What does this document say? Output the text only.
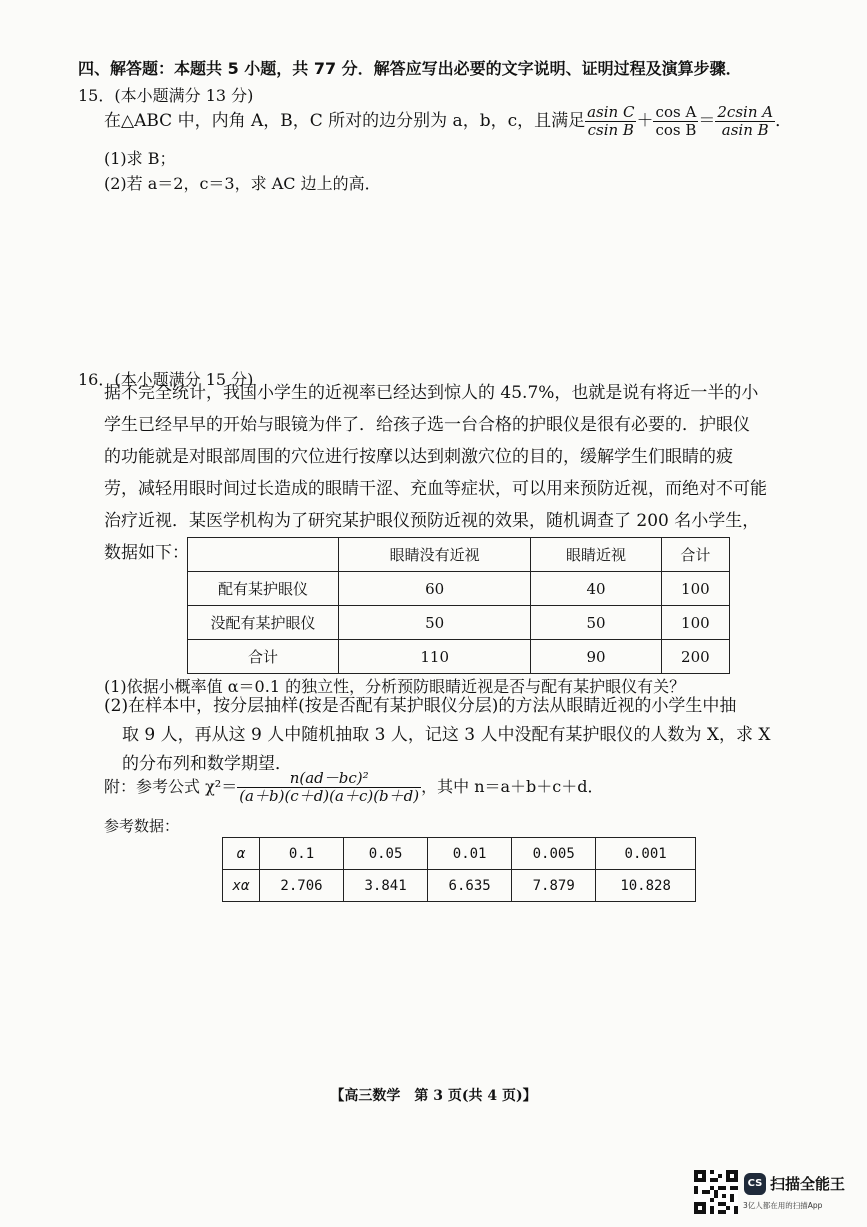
四、解答题：本题共 5 小题，共 77 分．解答应写出必要的文字说明、证明过程及演算步骤．
15．(本小题满分 13 分)
在△ABC 中，内角 A，B，C 所对的边分别为 a，b，c，且满足 $\frac{\text{asin C}}{\text{csin B}} + \frac{\text{cos A}}{\text{cos B}} = \frac{\text{2csin A}}{\text{asin B}}$ ．
(1)求 B；
(2)若 a＝2，c＝3，求 AC 边上的高．
16．(本小题满分 15 分)
据不完全统计，我国小学生的近视率已经达到惊人的 45.7%，也就是说有将近一半的小
学生已经早早的开始与眼镜为伴了．给孩子选一台合格的护眼仪是很有必要的．护眼仪
的功能就是对眼部周围的穴位进行按摩以达到刺激穴位的目的，缓解学生们眼睛的疲
劳，减轻用眼时间过长造成的眼睛干涩、充血等症状，可以用来预防近视，而绝对不可能
治疗近视．某医学机构为了研究某护眼仪预防近视的效果，随机调查了 200 名小学生，
数据如下：
		眼睛没有近视	眼睛近视	合计
配有某护眼仪	60	40	100
没配有某护眼仪	50	50	100
合计	110	90	200
(1)依据小概率值 α＝0.1 的独立性，分析预防眼睛近视是否与配有某护眼仪有关？
(2)在样本中，按分层抽样(按是否配有某护眼仪分层)的方法从眼睛近视的小学生中抽
取 9 人，再从这 9 人中随机抽取 3 人，记这 3 人中没配有某护眼仪的人数为 X，求 X
的分布列和数学期望．
附：参考公式 $\chi^2= \frac{\text{n(ad－bc)²}}{(a+b)(c+d)(a+c)(b+d)}$ ，其中 n＝a＋b＋c＋d．
参考数据：
α	0.1	0.05	0.01	0.005	0.001
xα	2.706	3.841	6.635	7.879	10.828
【高三数学　第 3 页(共 4 页)】
CS 扫描全能王
3亿人都在用的扫描App
